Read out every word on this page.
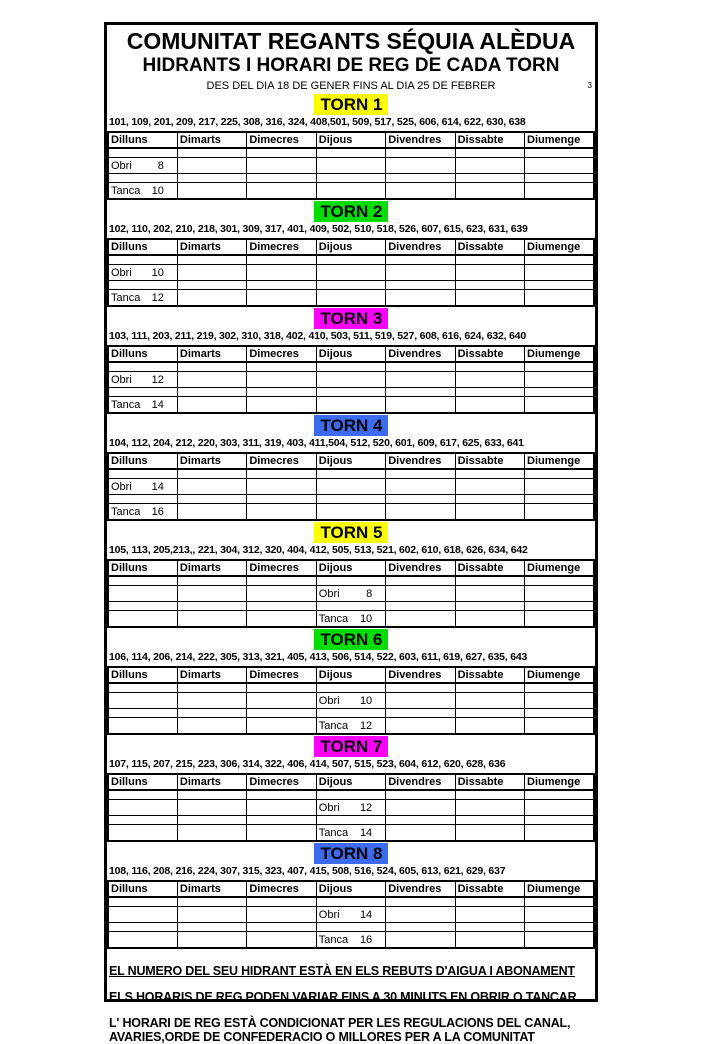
COMUNITAT REGANTS SÉQUIA ALÈDUA
HIDRANTS I HORARI DE REG DE CADA TORN
DES DEL DIA 18 DE GENER FINS AL DIA 25 DE FEBRER	3
TORN 1
101, 109, 201, 209, 217, 225, 308, 316, 324, 408,501, 509, 517, 525, 606, 614, 622, 630, 638
Dilluns	Dimarts	Dimecres	Dijous	Divendres	Dissabte	Diumenge

Obri 8						

Tanca 10						

TORN 2
102, 110, 202, 210, 218, 301, 309, 317, 401, 409, 502, 510, 518, 526, 607, 615, 623, 631, 639
Dilluns	Dimarts	Dimecres	Dijous	Divendres	Dissabte	Diumenge

Obri 10						

Tanca 12						

TORN 3
103, 111, 203, 211, 219, 302, 310, 318, 402, 410, 503, 511, 519, 527, 608, 616, 624, 632, 640
Dilluns	Dimarts	Dimecres	Dijous	Divendres	Dissabte	Diumenge

Obri 12						

Tanca 14						

TORN 4
104, 112, 204, 212, 220, 303, 311, 319, 403, 411,504, 512, 520, 601, 609, 617, 625, 633, 641
Dilluns	Dimarts	Dimecres	Dijous	Divendres	Dissabte	Diumenge

Obri 14						

Tanca 16						

TORN 5
105, 113, 205,213,, 221, 304, 312, 320, 404, 412, 505, 513, 521, 602, 610, 618, 626, 634, 642
Dilluns	Dimarts	Dimecres	Dijous	Divendres	Dissabte	Diumenge

			Obri 8			

			Tanca 10			

TORN 6
106, 114, 206, 214, 222, 305, 313, 321, 405, 413, 506, 514, 522, 603, 611, 619, 627, 635, 643
Dilluns	Dimarts	Dimecres	Dijous	Divendres	Dissabte	Diumenge

			Obri 10			

			Tanca 12			

TORN 7
107, 115, 207, 215, 223, 306, 314, 322, 406, 414, 507, 515, 523, 604, 612, 620, 628, 636
Dilluns	Dimarts	Dimecres	Dijous	Divendres	Dissabte	Diumenge

			Obri 12			

			Tanca 14			

TORN 8
108, 116, 208, 216, 224, 307, 315, 323, 407, 415, 508, 516, 524, 605, 613, 621, 629, 637
Dilluns	Dimarts	Dimecres	Dijous	Divendres	Dissabte	Diumenge

			Obri 14			

			Tanca 16			

EL NUMERO DEL SEU HIDRANT ESTÀ EN ELS REBUTS D'AIGUA I ABONAMENT
ELS HORARIS DE REG PODEN VARIAR FINS A 30 MINUTS EN OBRIR O TANCAR
L' HORARI DE REG ESTÀ CONDICIONAT PER LES REGULACIONS DEL CANAL,
AVARIES,ORDE DE CONFEDERACIO O MILLORES PER A LA COMUNITAT
